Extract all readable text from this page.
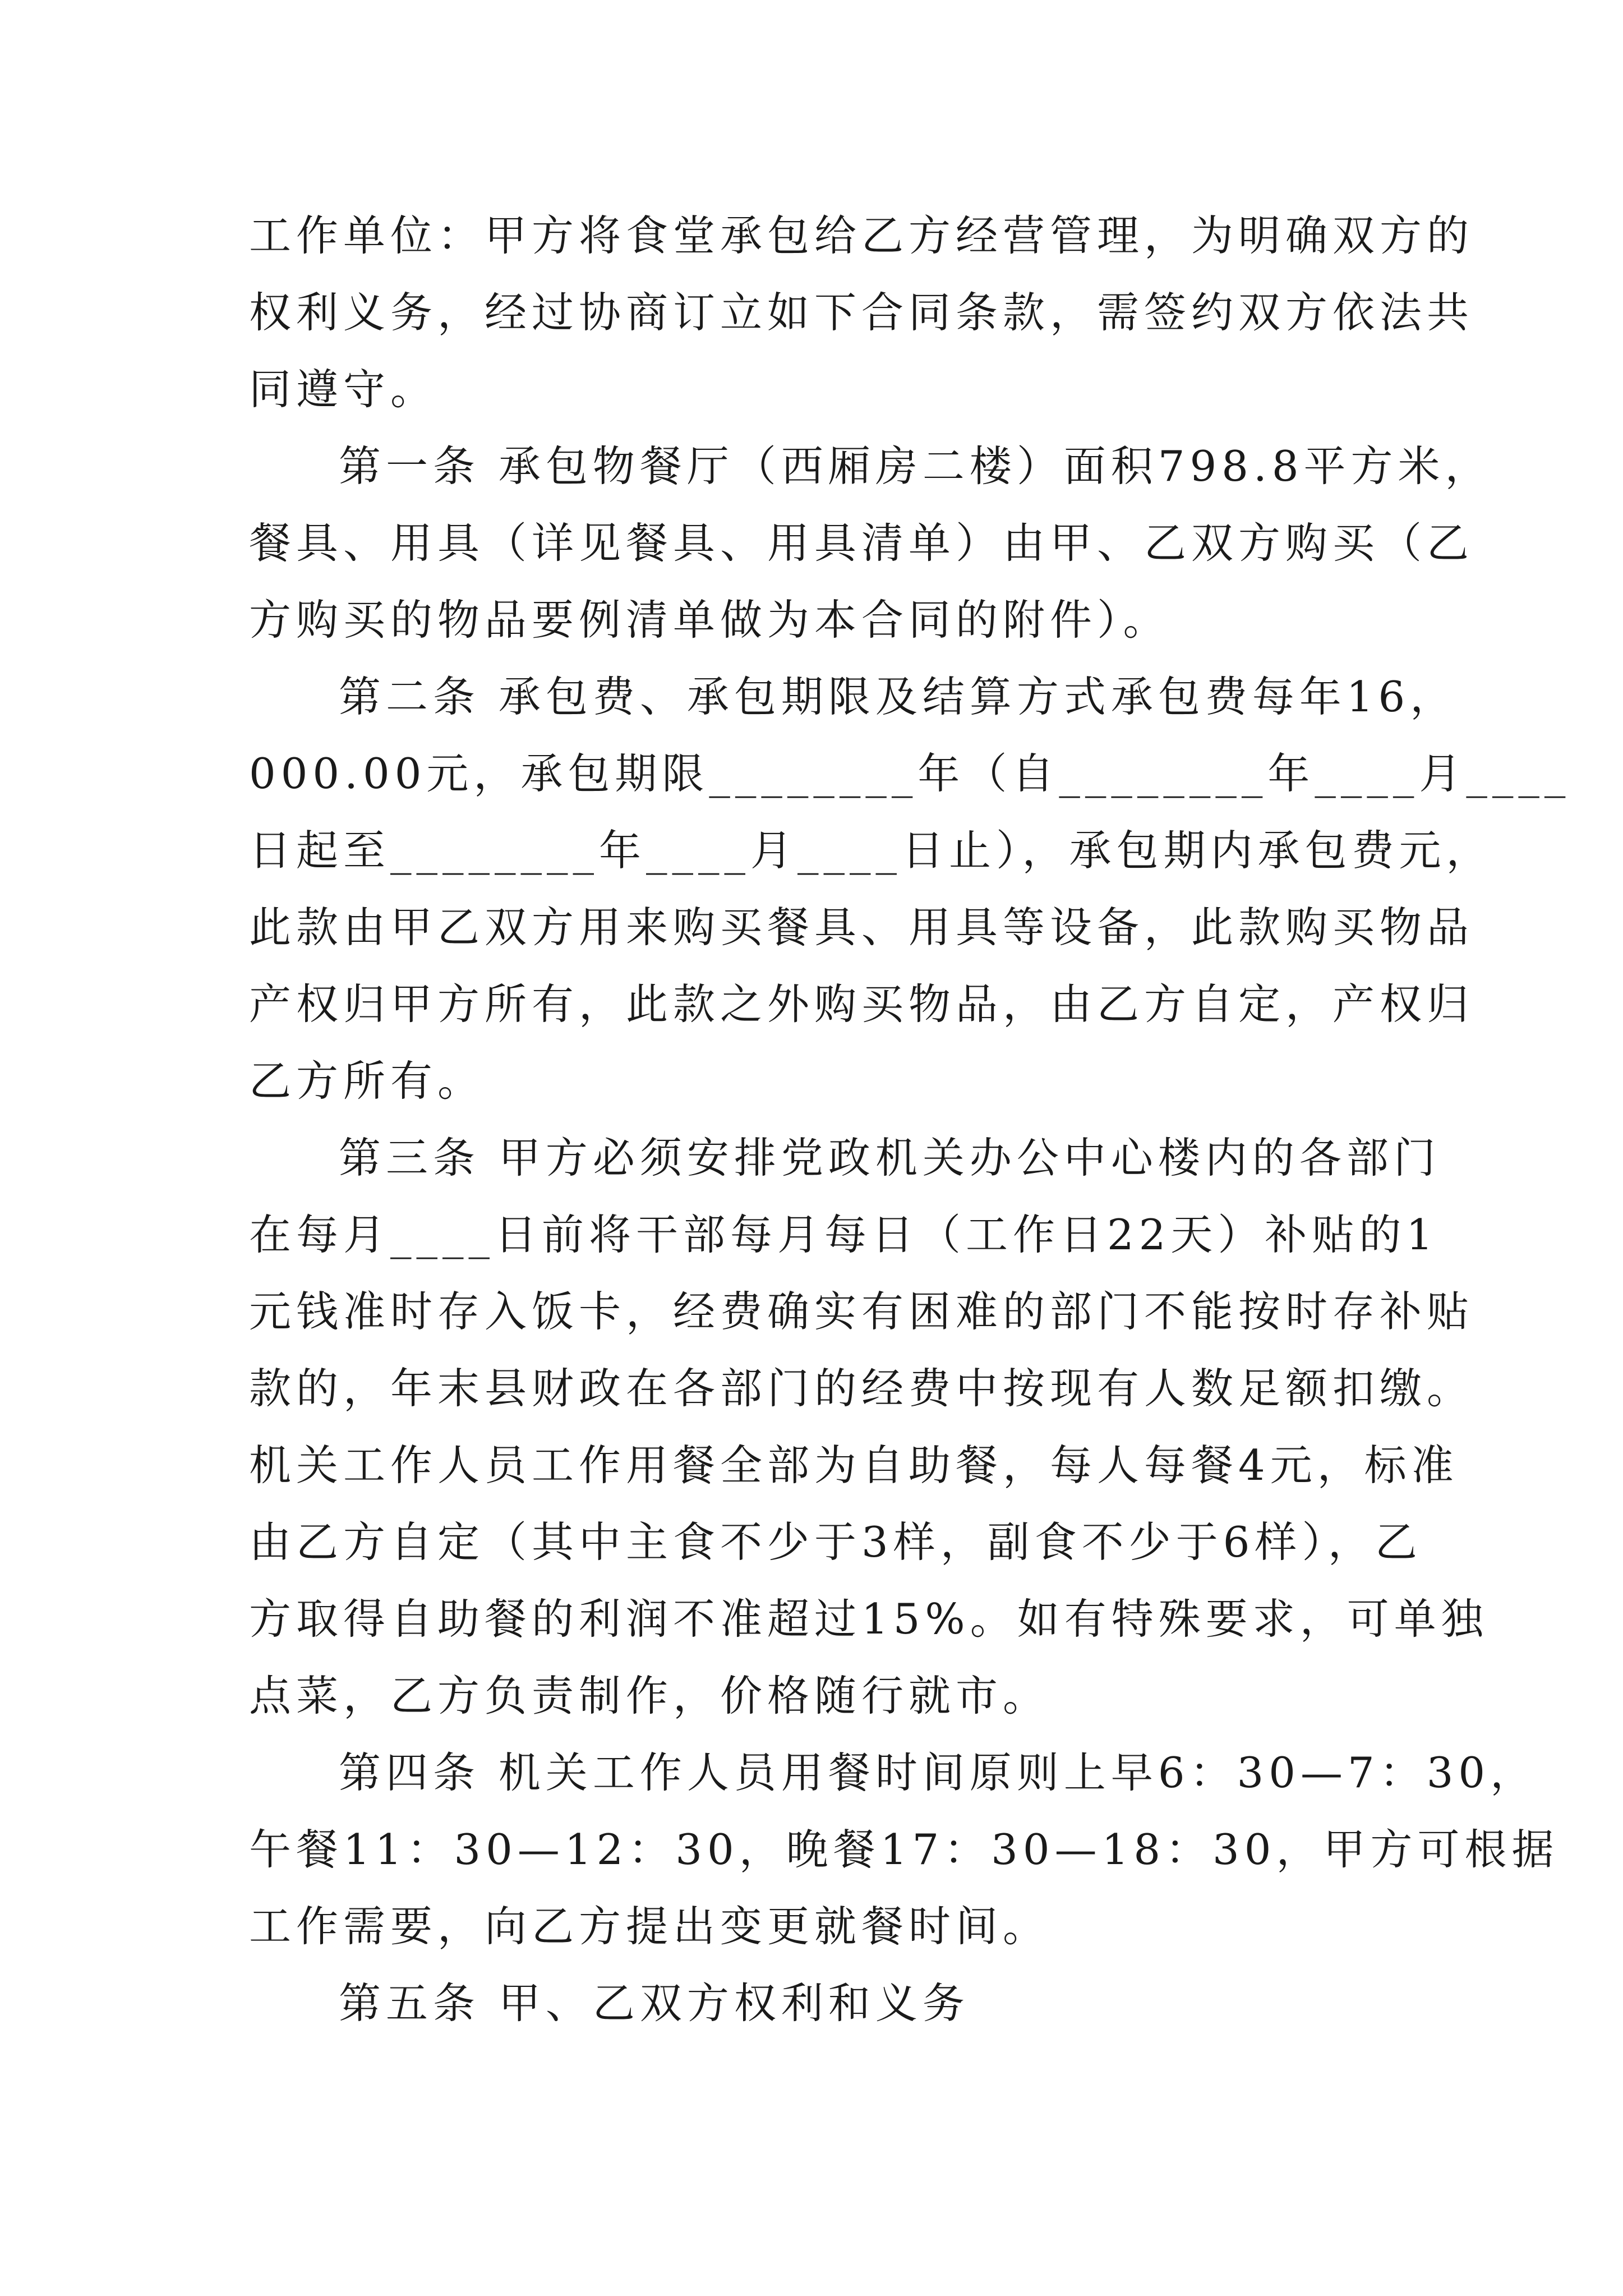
工作单位：甲方将食堂承包给乙方经营管理，为明确双方的
权利义务，经过协商订立如下合同条款，需签约双方依法共
同遵守。

第一条 承包物餐厅（西厢房二楼）面积798.8平方米，
餐具、用具（详见餐具、用具清单）由甲、乙双方购买（乙
方购买的物品要例清单做为本合同的附件）。

第二条 承包费、承包期限及结算方式承包费每年16，
000.00元，承包期限________年（自________年____月____
日起至________年____月____日止），承包期内承包费元，
此款由甲乙双方用来购买餐具、用具等设备，此款购买物品
产权归甲方所有，此款之外购买物品，由乙方自定，产权归
乙方所有。

第三条 甲方必须安排党政机关办公中心楼内的各部门
在每月____日前将干部每月每日（工作日22天）补贴的1
元钱准时存入饭卡，经费确实有困难的部门不能按时存补贴
款的，年末县财政在各部门的经费中按现有人数足额扣缴。
机关工作人员工作用餐全部为自助餐，每人每餐4元，标准
由乙方自定（其中主食不少于3样，副食不少于6样），乙
方取得自助餐的利润不准超过15%。如有特殊要求，可单独
点菜，乙方负责制作，价格随行就市。

第四条 机关工作人员用餐时间原则上早6：30—7：30，
午餐11：30—12：30，晚餐17：30—18：30，甲方可根据
工作需要，向乙方提出变更就餐时间。

第五条 甲、乙双方权利和义务
